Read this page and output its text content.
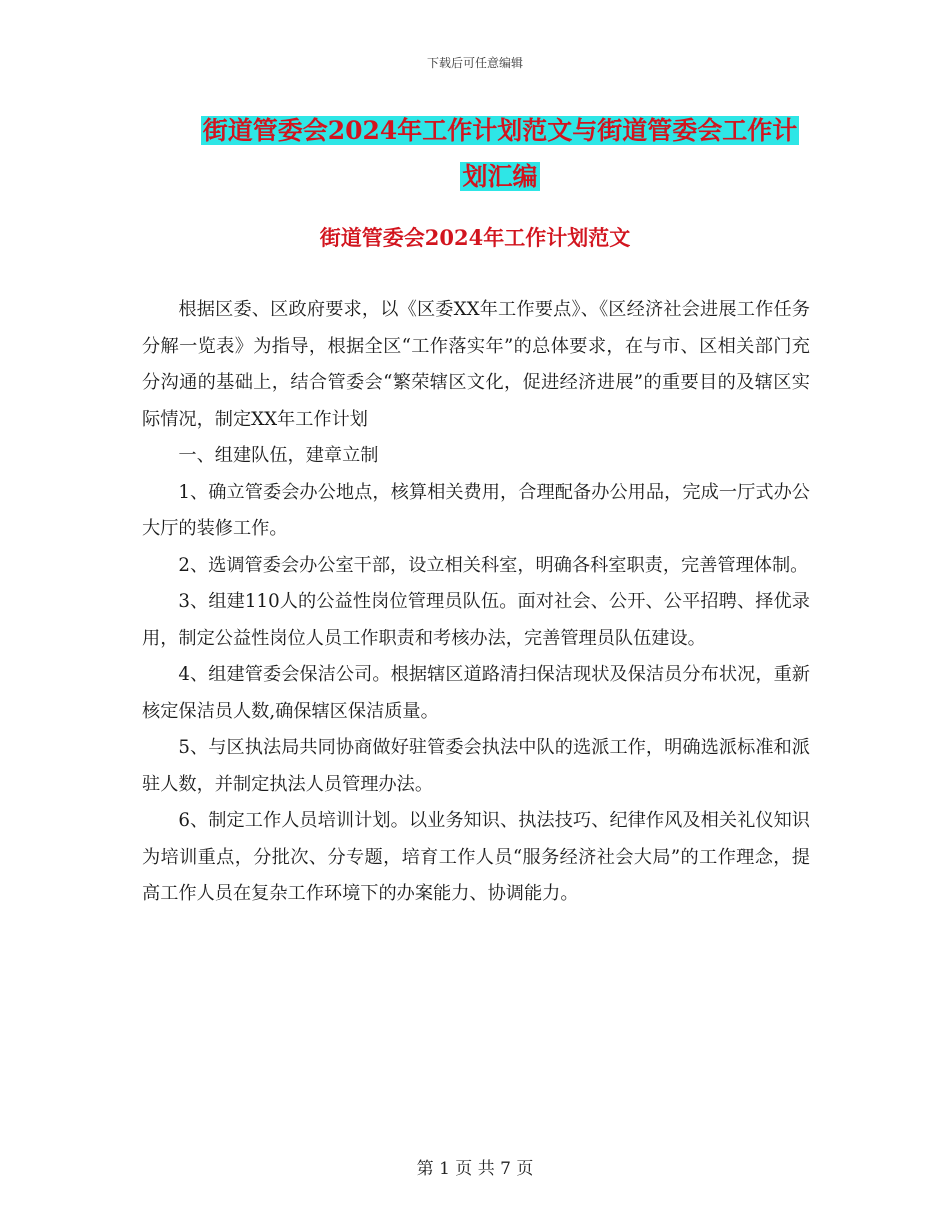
下载后可任意编辑
街道管委会2024年工作计划范文与街道管委会工作计
划汇编
街道管委会2024年工作计划范文

根据区委、区政府要求，以《区委XX年工作要点》、《区经济社会进展工作任务分解一览表》为指导，根据全区“工作落实年”的总体要求，在与市、区相关部门充分沟通的基础上，结合管委会“繁荣辖区文化，促进经济进展”的重要目的及辖区实际情况，制定XX年工作计划

一、组建队伍，建章立制

1、确立管委会办公地点，核算相关费用，合理配备办公用品，完成一厅式办公大厅的装修工作。

2、选调管委会办公室干部，设立相关科室，明确各科室职责，完善管理体制。

3、组建110人的公益性岗位管理员队伍。面对社会、公开、公平招聘、择优录用，制定公益性岗位人员工作职责和考核办法，完善管理员队伍建设。

4、组建管委会保洁公司。根据辖区道路清扫保洁现状及保洁员分布状况，重新核定保洁员人数,确保辖区保洁质量。

5、与区执法局共同协商做好驻管委会执法中队的选派工作，明确选派标准和派驻人数，并制定执法人员管理办法。

6、制定工作人员培训计划。以业务知识、执法技巧、纪律作风及相关礼仪知识为培训重点，分批次、分专题，培育工作人员“服务经济社会大局”的工作理念，提高工作人员在复杂工作环境下的办案能力、协调能力。

第 1 页 共 7 页
